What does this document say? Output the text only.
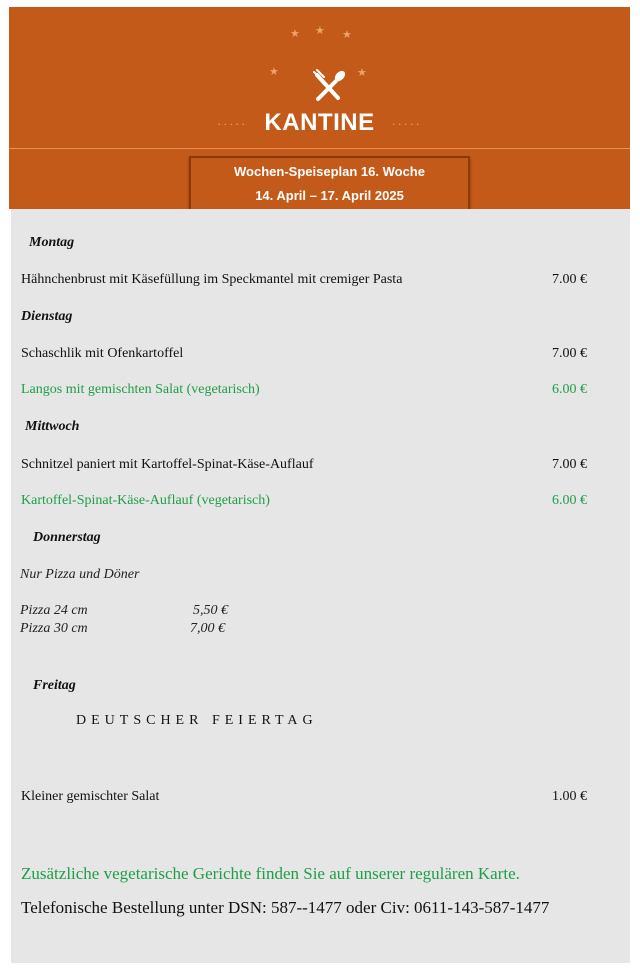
★ ★ ★
★	★
····· KANTINE ·····
Wochen-Speiseplan 16. Woche
14. April – 17. April 2025
Montag
Hähnchenbrust mit Käsefüllung im Speckmantel mit cremiger Pasta	7.00 €
Dienstag
Schaschlik mit Ofenkartoffel	7.00 €
Langos mit gemischten Salat (vegetarisch)	6.00 €
Mittwoch
Schnitzel paniert mit Kartoffel-Spinat-Käse-Auflauf	7.00 €
Kartoffel-Spinat-Käse-Auflauf (vegetarisch)	6.00 €
Donnerstag
Nur Pizza und Döner
Pizza 24 cm	5,50 €
Pizza 30 cm	7,00 €
Freitag
DEUTSCHER FEIERTAG
Kleiner gemischter Salat	1.00 €
Zusätzliche vegetarische Gerichte finden Sie auf unserer regulären Karte.
Telefonische Bestellung unter DSN: 587--1477 oder Civ: 0611-143-587-1477
